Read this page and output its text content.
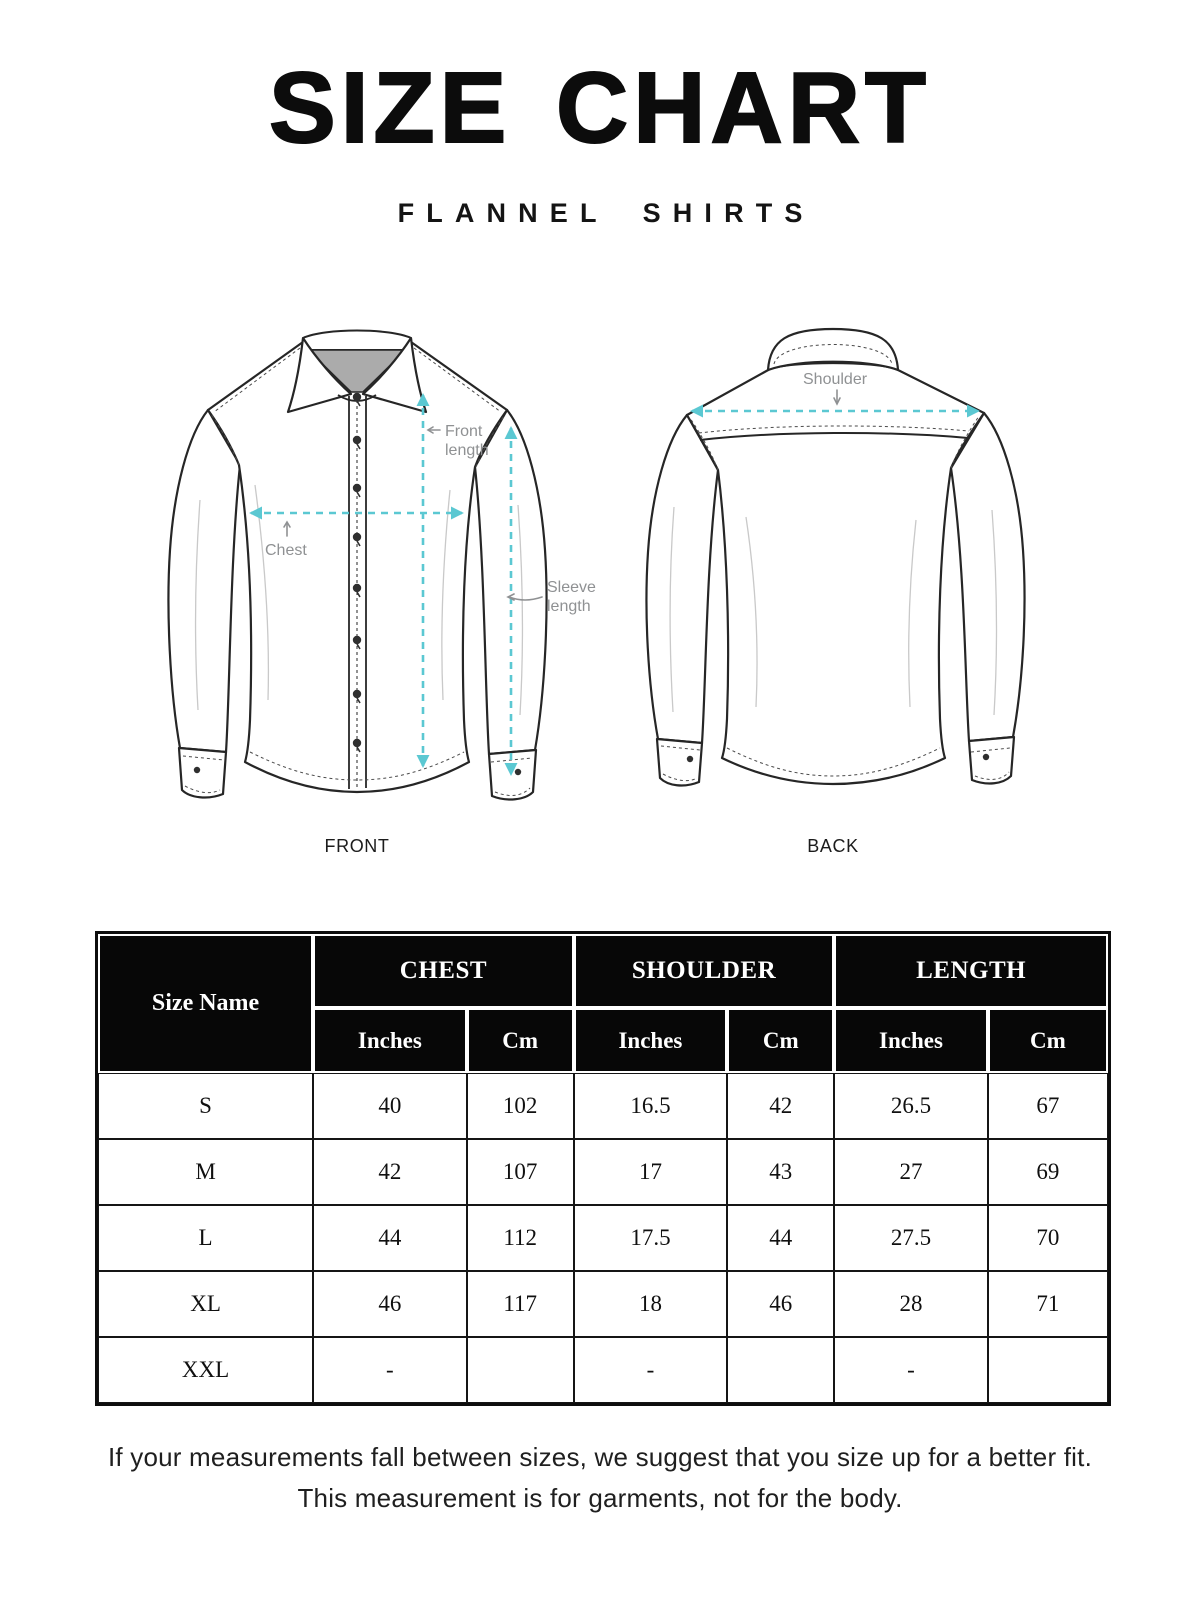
SIZE CHART
FLANNEL SHIRTS
Front
length
Chest
Sleeve
length
Shoulder
FRONT	BACK
Size Name	CHEST		SHOULDER		LENGTH	
	Inches	Cm	Inches	Cm	Inches	Cm
S	40	102	16.5	42	26.5	67
M	42	107	17	43	27	69
L	44	112	17.5	44	27.5	70
XL	46	117	18	46	28	71
XXL	-		-		-	
If your measurements fall between sizes, we suggest that you size up for a better fit.
This measurement is for garments, not for the body.
